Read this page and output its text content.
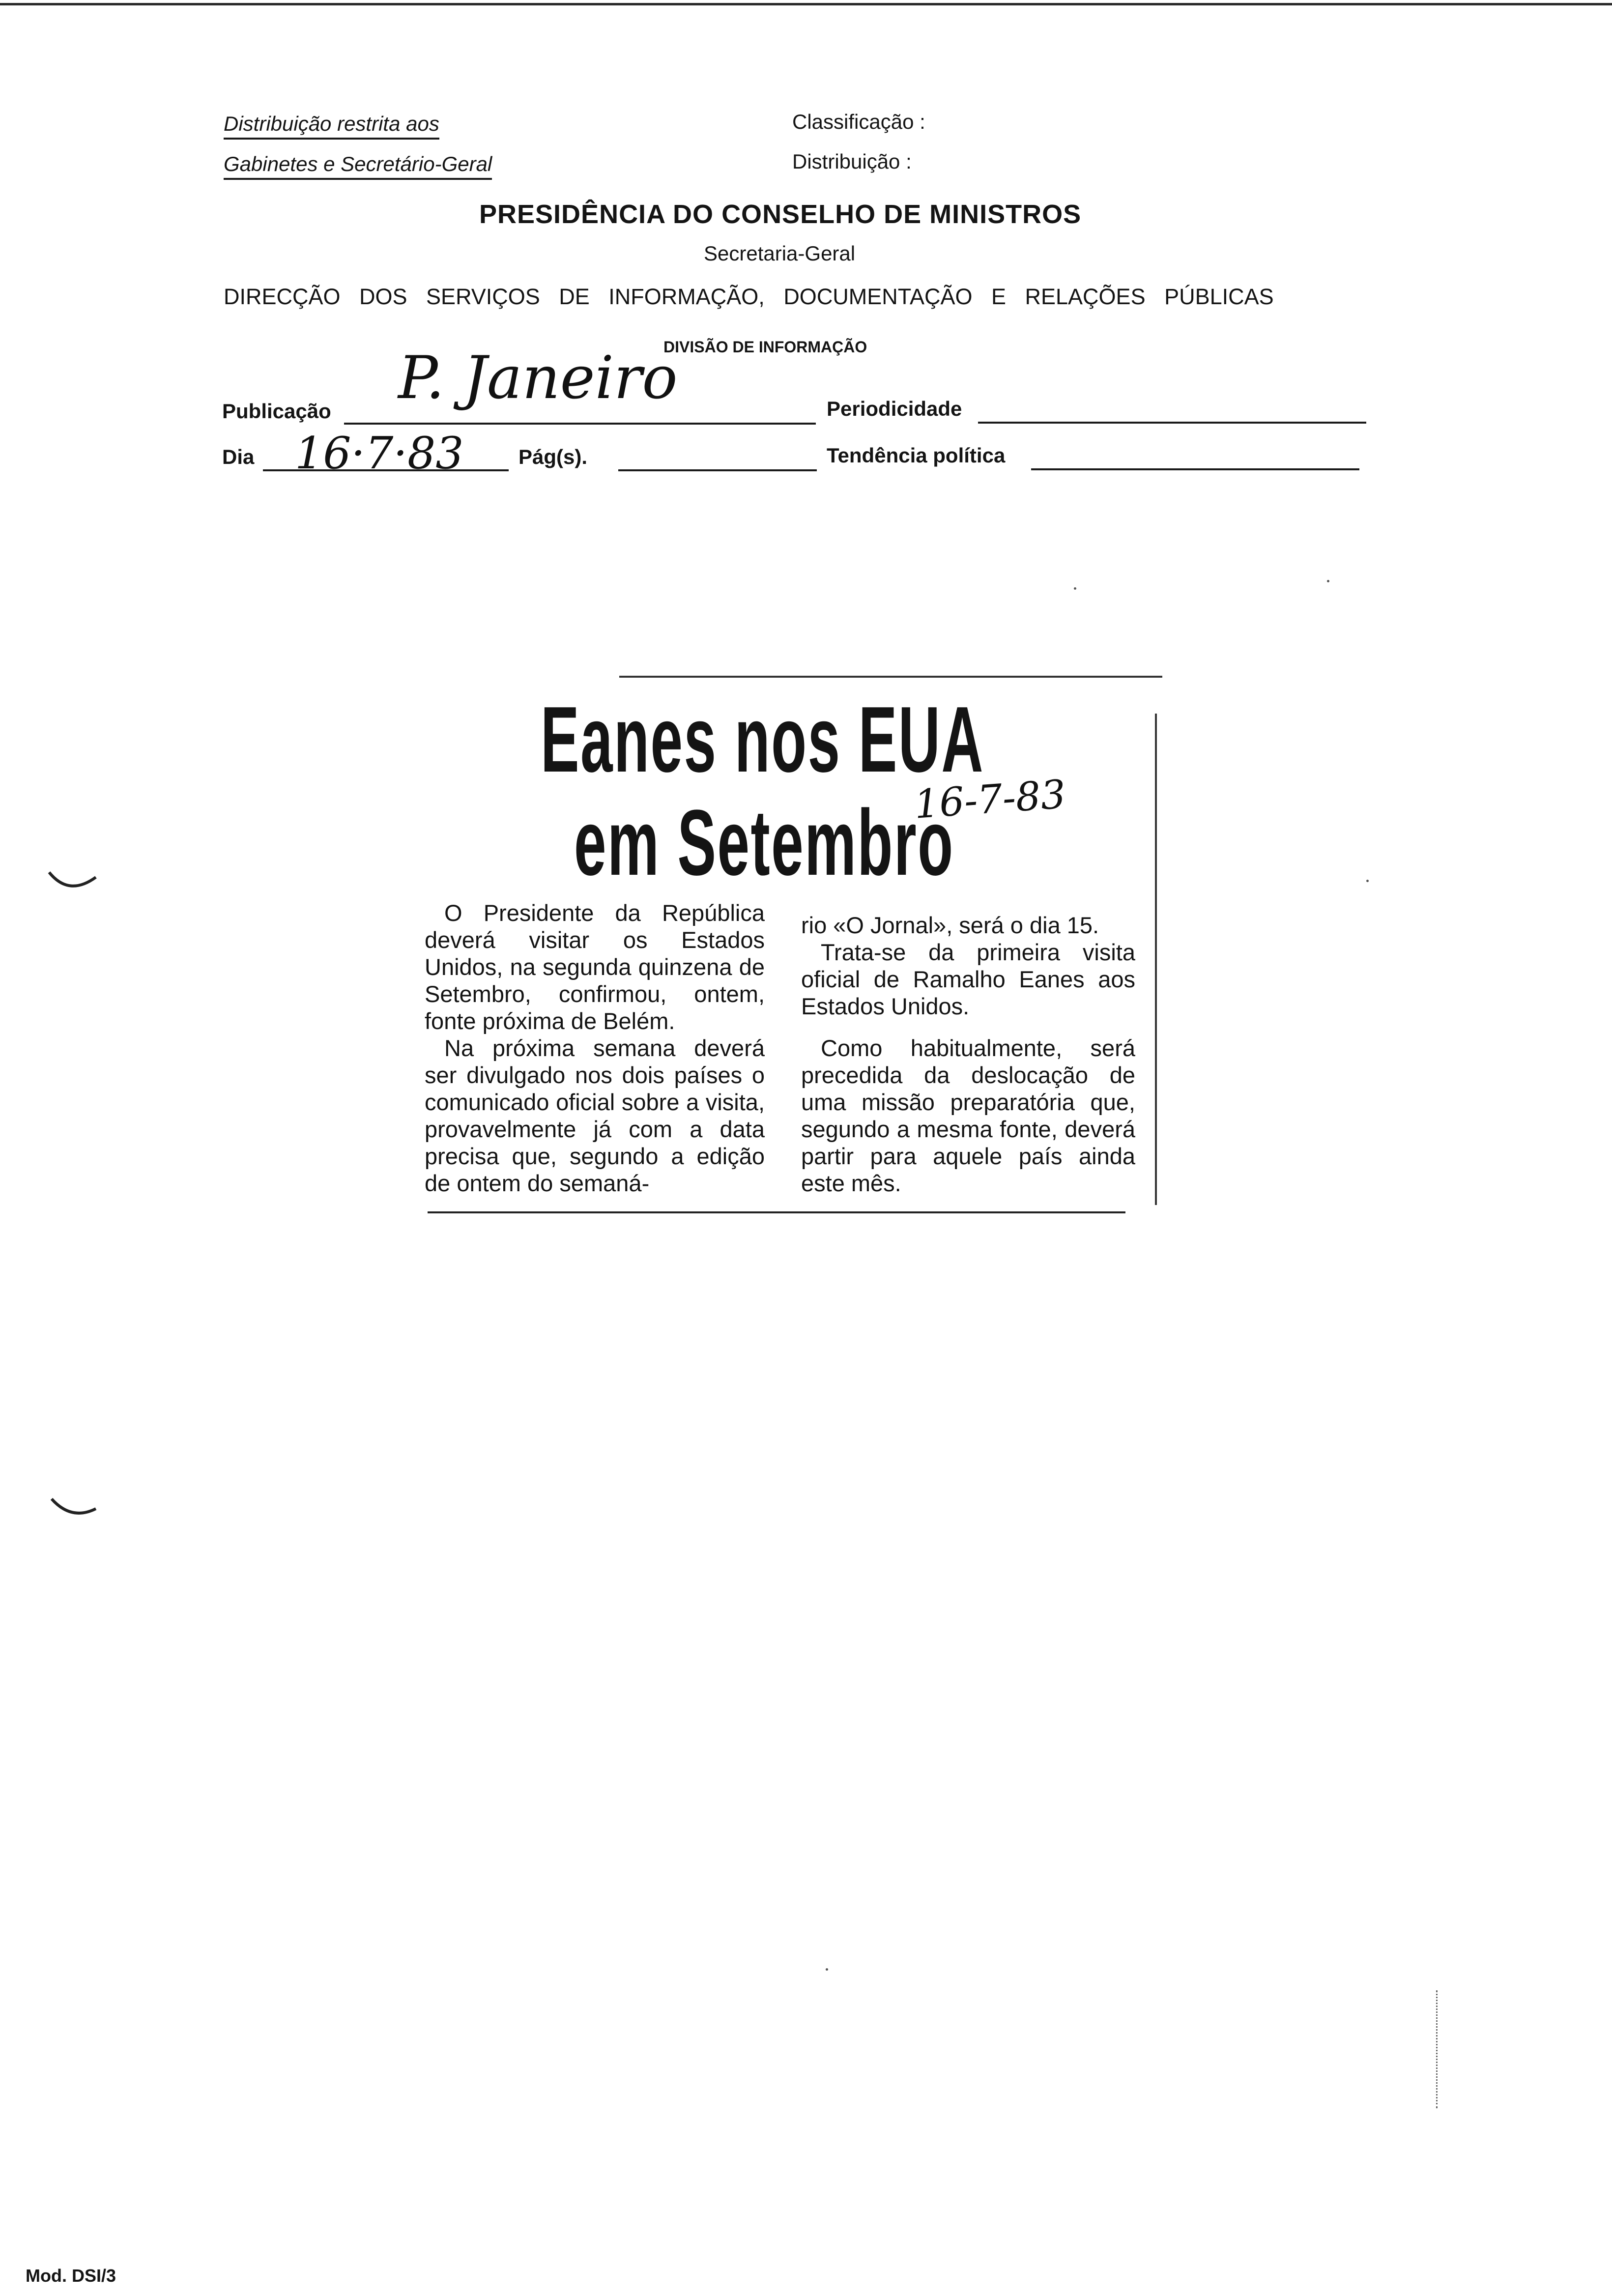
Distribuição restrita aos
Gabinetes e Secretário-Geral
Classificação :
Distribuição :
PRESIDÊNCIA DO CONSELHO DE MINISTROS
Secretaria-Geral
DIRECÇÃO DOS SERVIÇOS DE INFORMAÇÃO, DOCUMENTAÇÃO E RELAÇÕES PÚBLICAS
DIVISÃO DE INFORMAÇÃO
Publicação P. Janeiro	Periodicidade
Dia 16·7·83	Pág(s).	Tendência política
Eanes nos EUA
em Setembro
16-7-83

O Presidente da República deverá visitar os Estados Unidos, na segunda quinzena de Setembro, confirmou, ontem, fonte próxima de Belém.

Na próxima semana deverá ser divulgado nos dois países o comunicado oficial sobre a visita, provavelmente já com a data precisa que, segundo a edição de ontem do semaná-

rio «O Jornal», será o dia 15.

Trata-se da primeira visita oficial de Ramalho Eanes aos Estados Unidos.

Como habitualmente, será precedida da deslocação de uma missão preparatória que, segundo a mesma fonte, deverá partir para aquele país ainda este mês.

Mod. DSI/3
